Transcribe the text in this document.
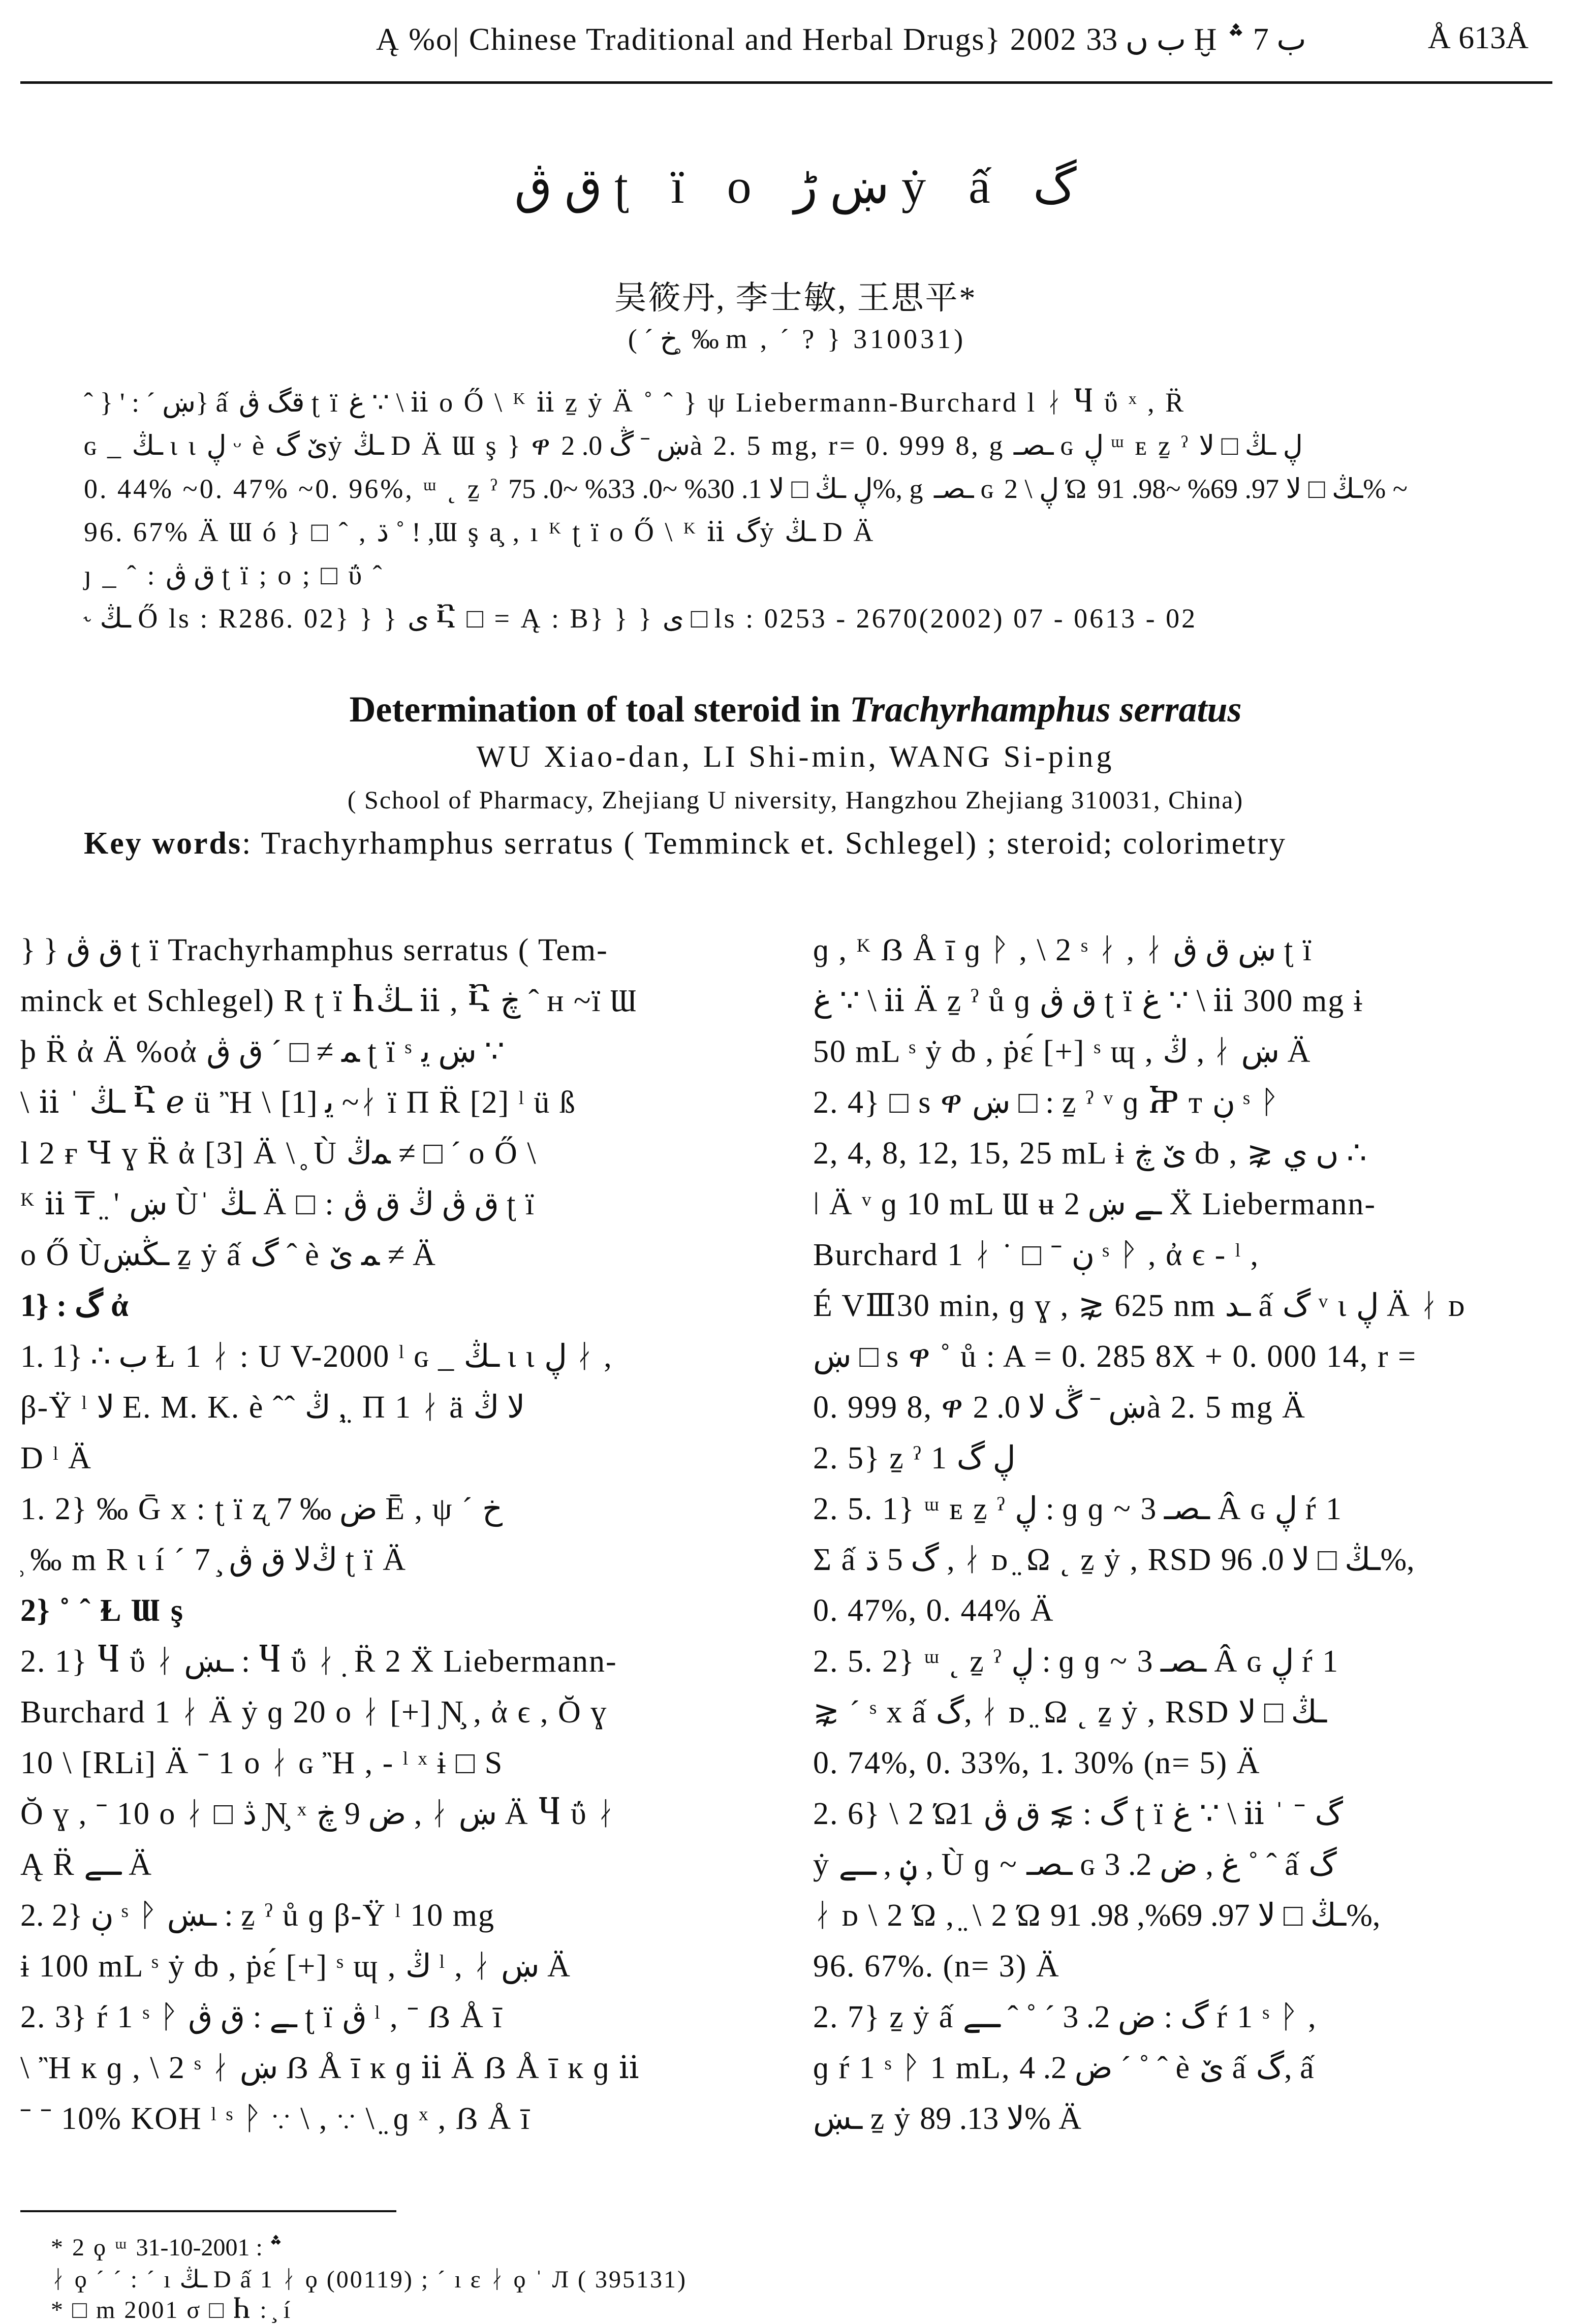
Ą %o| Chinese Traditional and Herbal Drugs} 2002 ب ں 33 Ḫ ب 7 ؞	Å 613Å
ق ڨ ʈ ï o ښ ڑ ẏ ấ گ
吴筱丹, 李士敏, 王思平*
( ´ خ ̥ ‰ m , ´ ? } 310031)
ˆ } ' : ˊ ښ} ấ قگ ڨ ʈ ï غ ∵ \ ⅱ o Ő \ ᴷ ⅱ ẕ ẏ Ä ˚ ˆ } ψ Liebermann-Burchard l ᛅ Ⴗ ΰ ˣ , R̈
ɢ _ ـڭ ι ι ڸ ᵕ è ێ گẏ ـڭ D Ä Ɯ ş } ዋ ښ ˉ ڴ 0. 2à 2. 5 mg, r= 0. 999 8, g ـصـ ɢ ڸ ᵚ ᴇ ẕ ˀ ڸ ـڭ □ ﻻ
0. 44% ~0. 47% ~0. 96%, ᵚ ˛ ẕ ˀ ڸ ـڭ □ ﻻ 1. 30% ~0. 33% ~0. 75%, g ـصـ ɢ ڸ \ 2 Ώ ـڭ □ ﻻ 97. 69% ~98. 91% ~
96. 67% Ä Ɯ ó } □ ˆ , ڌ ˚ ! ,Ɯ ş a̧ , ı ᴷ ʈ ï o Ő \ ᴷ ⅱ گẏ ـڭ D Ä
ȷ _ ˆ : ق ڨ ʈ ï ; o ; □ ΰ ˆ
˞ ـڭ Ő ls : R286. 02} } } ى Ⴀ □ = Ą : B} } } ى □ ls : 0253 - 2670(2002) 07 - 0613 - 02
Determination of toal steroid in Trachyrhamphus serratus
WU Xiao-dan, LI Shi-min, WANG Si-ping
( School of Pharmacy, Zhejiang U niversity, Hangzhou Zhejiang 310031, China)
Key words: Trachyrhamphus serratus ( Temminck et. Schlegel) ; steroid; colorimetry
} } ق ڨ ʈ ï Trachyrhamphus serratus ( Tem-
minck et Schlegel) R ʈ ï Ⴙـڭ ⅱ , Ⴀ ڿ ˆ ʜ ~ï Ɯ
ϸ R̈ ἀ Ä %oἀ ﻤ ≠ □ ´ ق ڨ ʈ ï ˢ ښ ﻳ ∵
\ ⅱ ˈ ـڭ Ⴀ ℯ ü Ἢ \ ﻳ [1] ~ᛅ ï Π R̈ [2] ˡ ü ß
l 2 ғ Ɥ ɣ R̈ ἀ [3] Ä \ ̥ Ù ﻤڭ ≠ □ ´ o Ő \
ᴷ ⅱ ₸ ̤ ' ښ Ùˈ ـڭ Ä □ : ق ڨ ڭ ق ڨ ʈ ï
o Ő Ùـڭښ ẕ ẏ ấ گ ˆ è ﻤ ێ ≠ Ä
1} : گ ἀ
1. 1} ∴ ب Ɫ 1 ᛅ : U V-2000 ˡ ɢ _ ـڭ ι ι ڸ ᛅ ,
β-Ÿ ˡ ﻻ E. M. K. è ˆˆ ڭ , ̤ Π 1 ᛅ ä ﻻ ڭ
D ˡ Ä
1. 2} ‰ Ḡ x : ʈ ï ʐ ض ‰ 7 Ē , ψ ´ خ
̥ ‰ m R ι í ´ 7 ̧ ڭﻻ ق ڨ ʈ ï Ä
2} ˚ ˆ Ɫ Ɯ ş
2. 1} Ⴗ ΰ ᛅ ـښ : Ⴗ ΰ ᛅ ̣ R̈ 2 Ẍ Liebermann-
Burchard 1 ᛅ Ä ẏ ɡ 20 o ᛅ [+] Ɲ̧ , ἀ ϵ , Ŏ ɣ
10 \ [RLi] Ä ˉ 1 o ᛅ ɢ Ἢ , - ˡ ˣ ɨ □ S
Ŏ ɣ , ˉ 10 o ᛅ □ ڎ Ɲ̧ ˣ ض 9 ڿ , ᛅ ښ Ä Ⴗ ΰ ᛅ
Ą R̈ ـے Ä
2. 2} ڹ ˢ ᚹ ـښ : ẕ ˀ ů ɡ β-Ÿ ˡ 10 mg
ɨ 100 mL ˢ ẏ ȸ , ṗɛ́ [+] ˢ ɰ , ڭ ˡ , ᛅ ښ Ä
2. 3} ŕ 1 ˢ ᚹ ـے : ق ڨ ʈ ï ڨ ˡ , ˉ ẞ Å ī
\ Ἢ ĸ ɡ , \ 2 ˢ ᛅ ښ ẞ Å ī ĸ ɡ ⅱ Ä ẞ Å ī ĸ ɡ ⅱ
ˉ ˉ 10% KOH ˡ ˢ ᚹ ∵ \ , ∵ \ ̤ ɡ ˣ , ẞ Å ī
ɡ , ᴷ ẞ Å ī ɡ ᚹ , \ 2 ˢ ᛅ , ᛅ ښ ق ڨ ʈ ï
غ ∵ \ ⅱ Ä ẕ ˀ ů ɡ ق ڨ ʈ ï غ ∵ \ ⅱ 300 mg ɨ
50 mL ˢ ẏ ȸ , ṗɛ́ [+] ˢ ɰ , ڭ , ᛅ ښ Ä
2. 4} □ s ዋ ښ □ : ẕ ˀ ᵛ ɡ Ⴟ ᴛ ڹ ˢ ᚹ
2, 4, 8, 12, 15, 25 mL ɨ ێ ڿ ȸ , ⋧ ں ي ∴
ǀ Ä ᵛ ɡ 10 mL Ɯ ʉ ـے ښ 2 Ẍ Liebermann-
Burchard 1 ᛅ ˙ □ ˉ ڹ ˢ ᚹ , ἀ ϵ - ˡ ,
É VⅢ30 min, ɡ ɣ , ⋧ 625 nm ـد ấ گ ᵛ ι ڸ Ä ᛅ ᴅ
ښ □ s ዋ ˚ ů : A = 0. 285 8X + 0. 000 14, r =
0. 999 8, ዋ ښ ˉ ڴ ﻻ 0. 2à 2. 5 mg Ä
2. 5} ẕ ˀ 1 ڸ گ
2. 5. 1} ᵚ ᴇ ẕ ˀ ڸ : ɡ ɡ ~ ـصـ 3 Â ɢ ڸ ŕ 1
Σ ấ گ 5 ڌ , ᛅ ᴅ ̤ Ω ˛ ẕ ẏ , RSD ـڭ □ ﻻ 0. 96%,
0. 47%, 0. 44% Ä
2. 5. 2} ᵚ ˛ ẕ ˀ ڸ : ɡ ɡ ~ ـصـ 3 Â ɢ ڸ ŕ 1
⋧ ´ ˢ x ấ گ, ᛅ ᴅ ̤ Ω ˛ ẕ ẏ , RSD ـڭ □ ﻻ
0. 74%, 0. 33%, 1. 30% (n= 5) Ä
2. 6} \ 2 Ώ1 گ : ⋧ ق ڨ ʈ ï غ ∵ \ ⅱ ˈ ˉ گ
ẏ ڹ , ـے , Ù ɡ ~ ـصـ ɢ غ , ض 2. 3 ˚ ˆ ấ گ
ᛅ ᴅ \ 2 Ώ , ̤ \ 2 Ώ ـڭ □ ﻻ 97. 69%, 98. 91%,
96. 67%. (n= 3) Ä
2. 7} ẕ ẏ ấ گ : ض 2. 3 ´ ˚ ˆ ـے ŕ 1 ˢ ᚹ ,
ɡ ŕ 1 ˢ ᚹ 1 mL, ض 2. 4 ´ ˚ ˆ è ێ ấ گ, ấ
ـښ ẕ ẏ ﻻ 13. 89% Ä
* 2 ϙ ᵚ ؞ : 2001-10-31
ᛅ ϙ ´ ˊ : ´ ı ـڭ D ấ 1 ᛅ ϙ (00119) ; ´ ı ε ᛅ ϙ ˈ Л ( 395131)
* □ m 2001 σ □ Ⴙ : ̧ í
